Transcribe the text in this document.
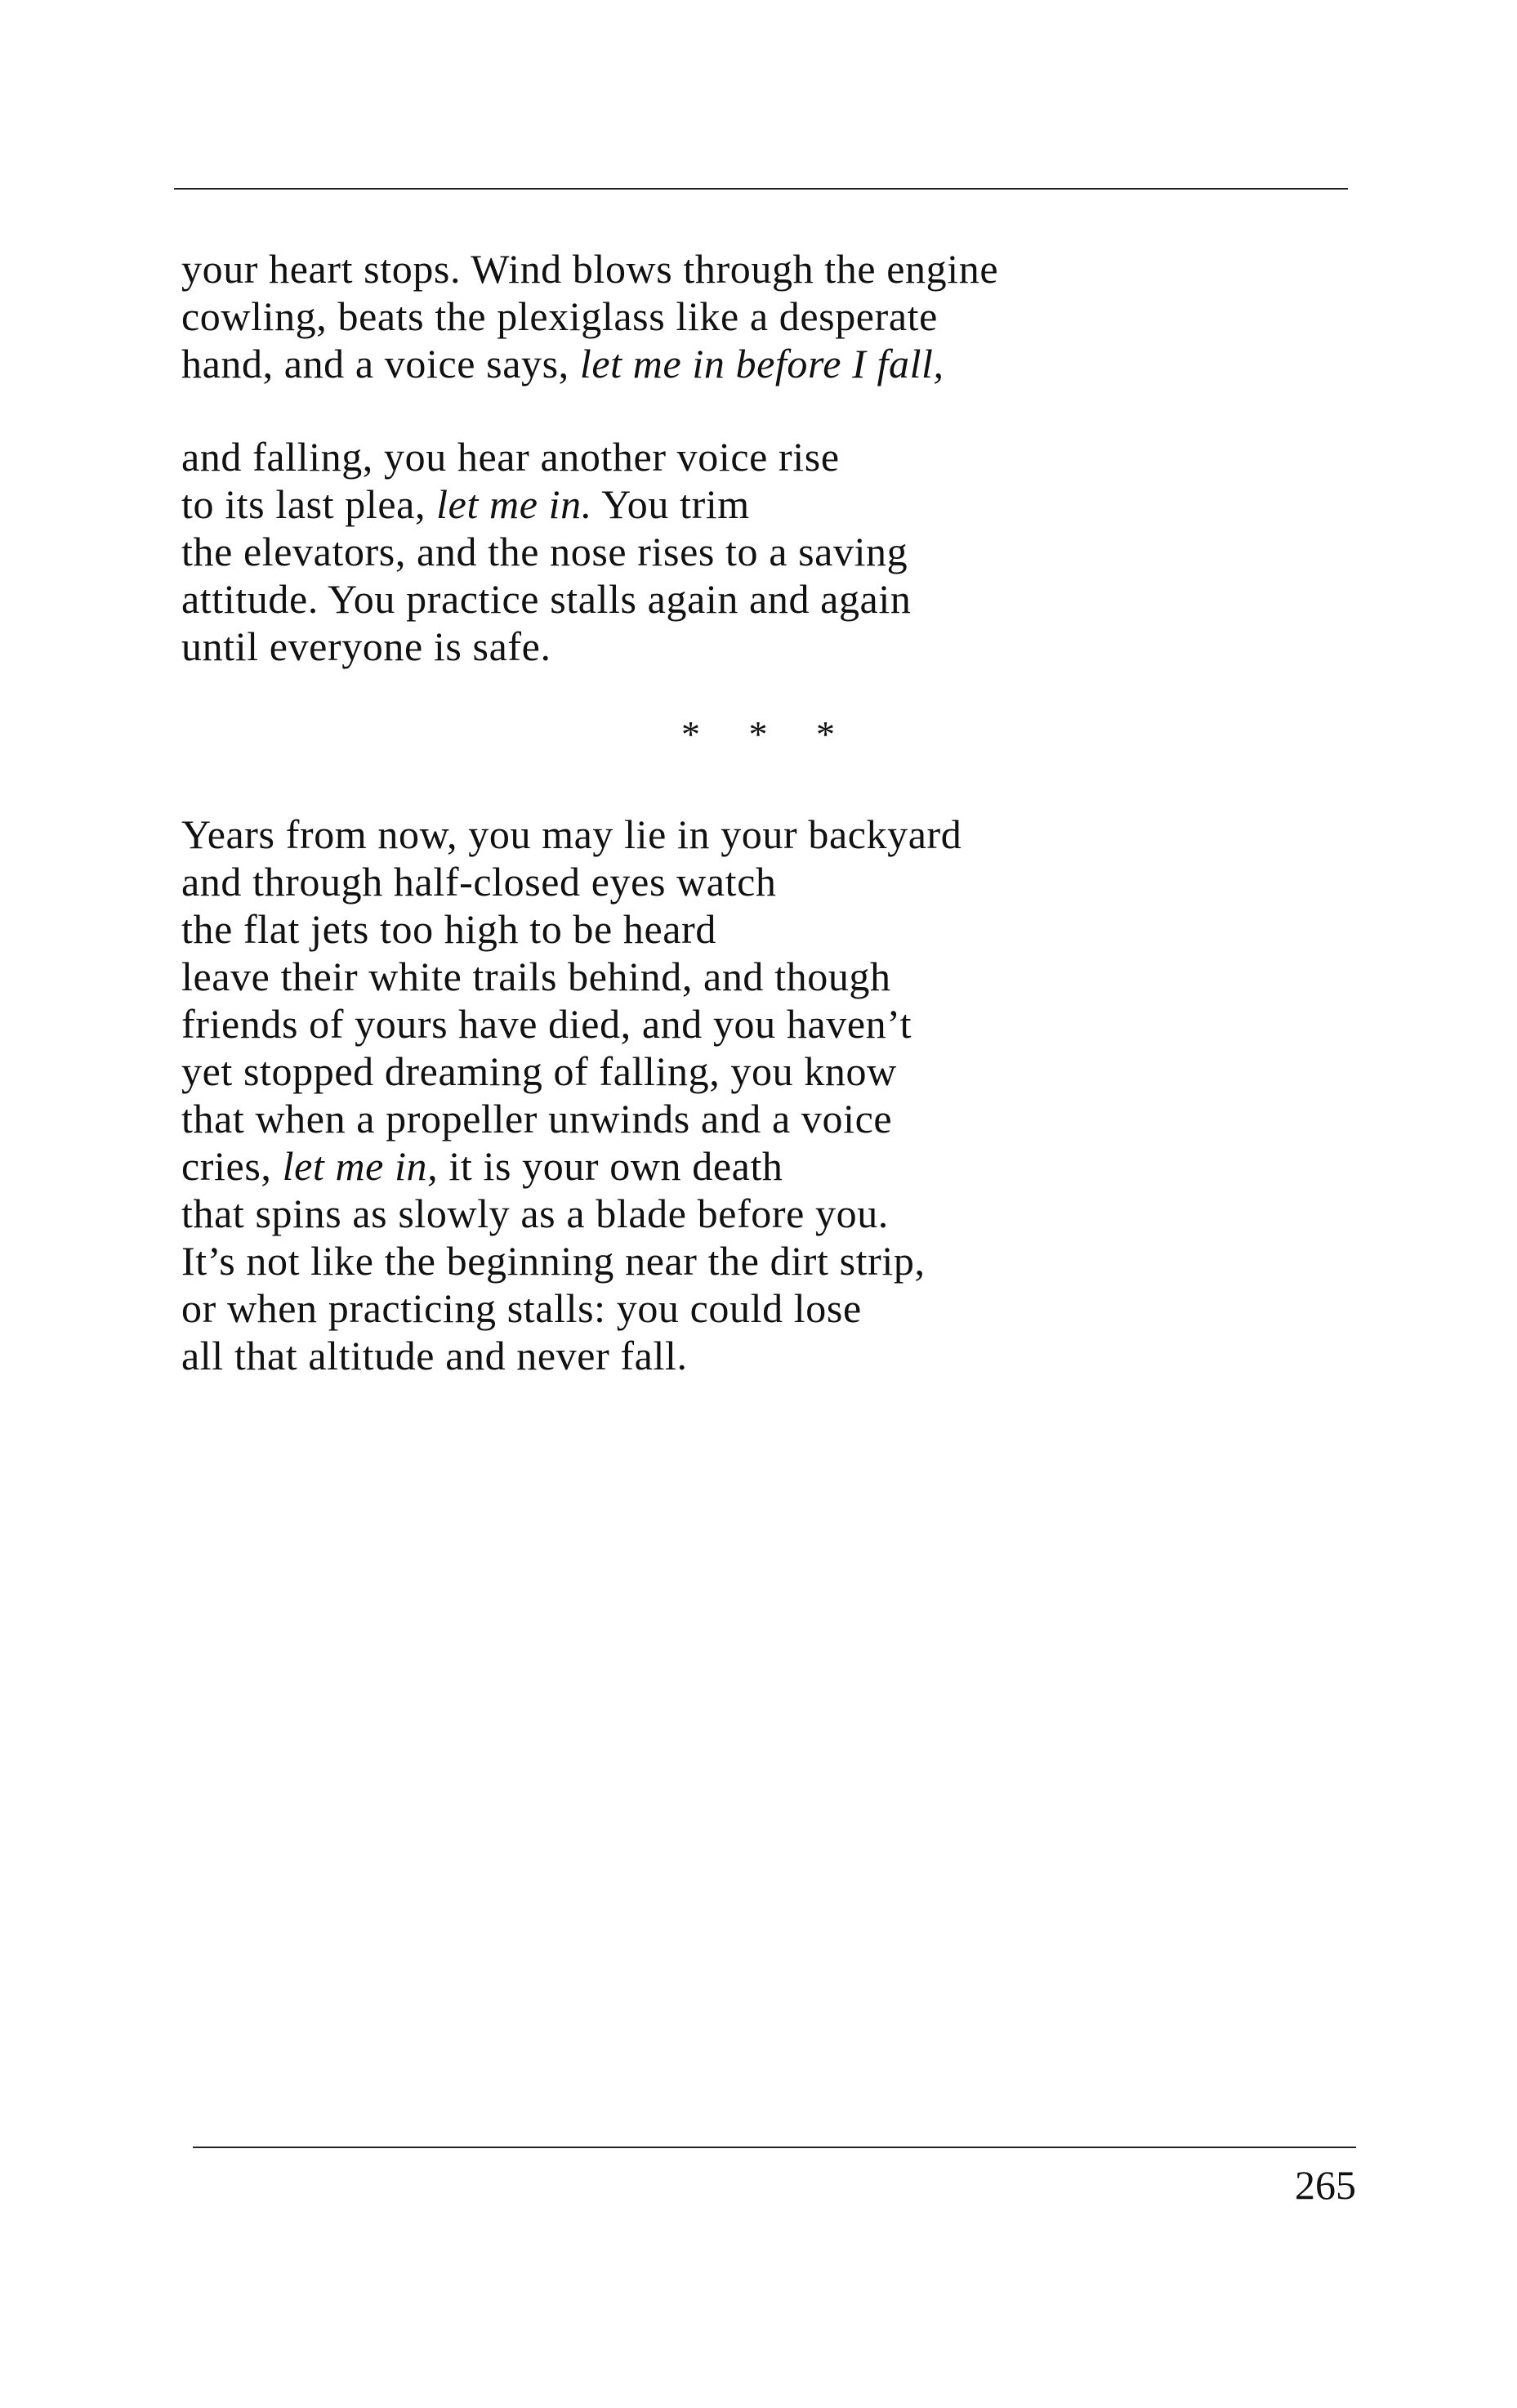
your heart stops. Wind blows through the engine
cowling, beats the plexiglass like a desperate
hand, and a voice says, let me in before I fall,
and falling, you hear another voice rise
to its last plea, let me in. You trim
the elevators, and the nose rises to a saving
attitude. You practice stalls again and again
until everyone is safe.
* * *
Years from now, you may lie in your backyard
and through half-closed eyes watch
the flat jets too high to be heard
leave their white trails behind, and though
friends of yours have died, and you haven’t
yet stopped dreaming of falling, you know
that when a propeller unwinds and a voice
cries, let me in, it is your own death
that spins as slowly as a blade before you.
It’s not like the beginning near the dirt strip,
or when practicing stalls: you could lose
all that altitude and never fall.
265
